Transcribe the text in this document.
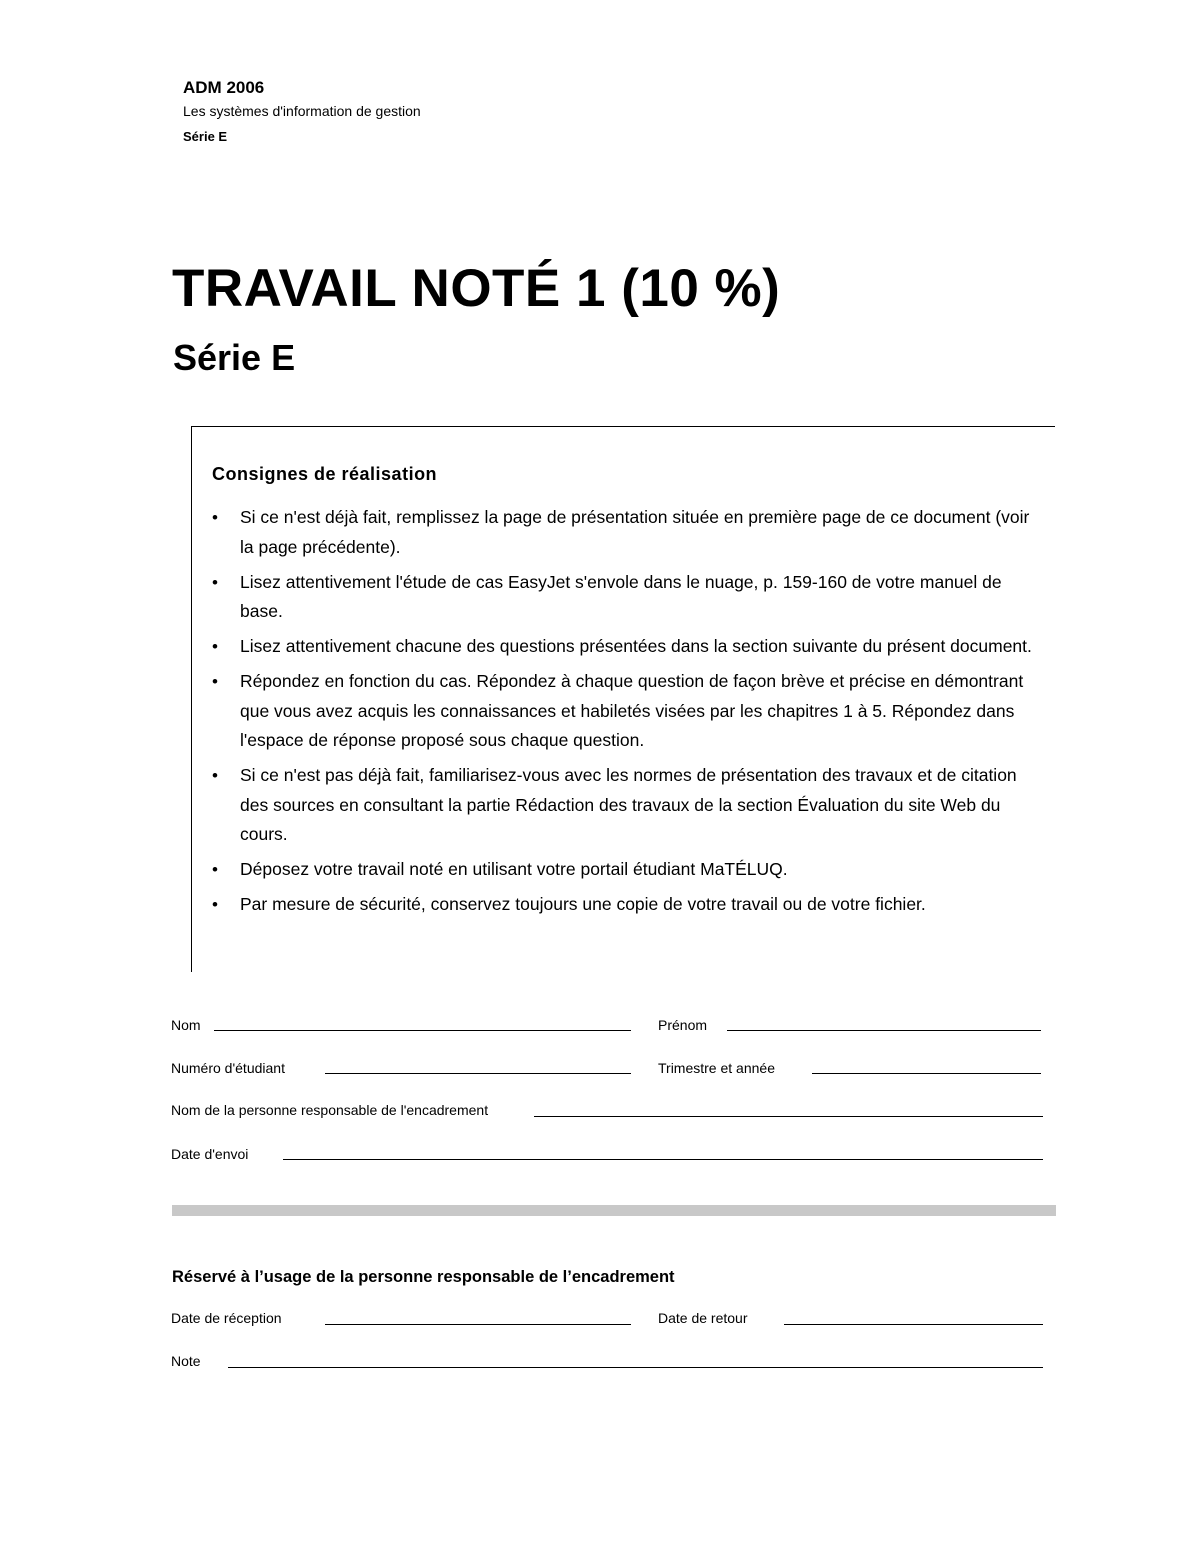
ADM 2006
Les systèmes d'information de gestion
Série E
TRAVAIL NOTÉ 1 (10 %)
Série E
Consignes de réalisation
• Si ce n'est déjà fait, remplissez la page de présentation située en première page de ce document (voir la page précédente).
• Lisez attentivement l'étude de cas EasyJet s'envole dans le nuage, p. 159-160 de votre manuel de base.
• Lisez attentivement chacune des questions présentées dans la section suivante du présent document.
• Répondez en fonction du cas. Répondez à chaque question de façon brève et précise en démontrant que vous avez acquis les connaissances et habiletés visées par les chapitres 1 à 5. Répondez dans l'espace de réponse proposé sous chaque question.
• Si ce n'est pas déjà fait, familiarisez-vous avec les normes de présentation des travaux et de citation des sources en consultant la partie Rédaction des travaux de la section Évaluation du site Web du cours.
• Déposez votre travail noté en utilisant votre portail étudiant MaTÉLUQ.
• Par mesure de sécurité, conservez toujours une copie de votre travail ou de votre fichier.
Nom	Prénom
Numéro d'étudiant	Trimestre et année
Nom de la personne responsable de l'encadrement
Date d'envoi
Réservé à l’usage de la personne responsable de l’encadrement
Date de réception	Date de retour
Note
